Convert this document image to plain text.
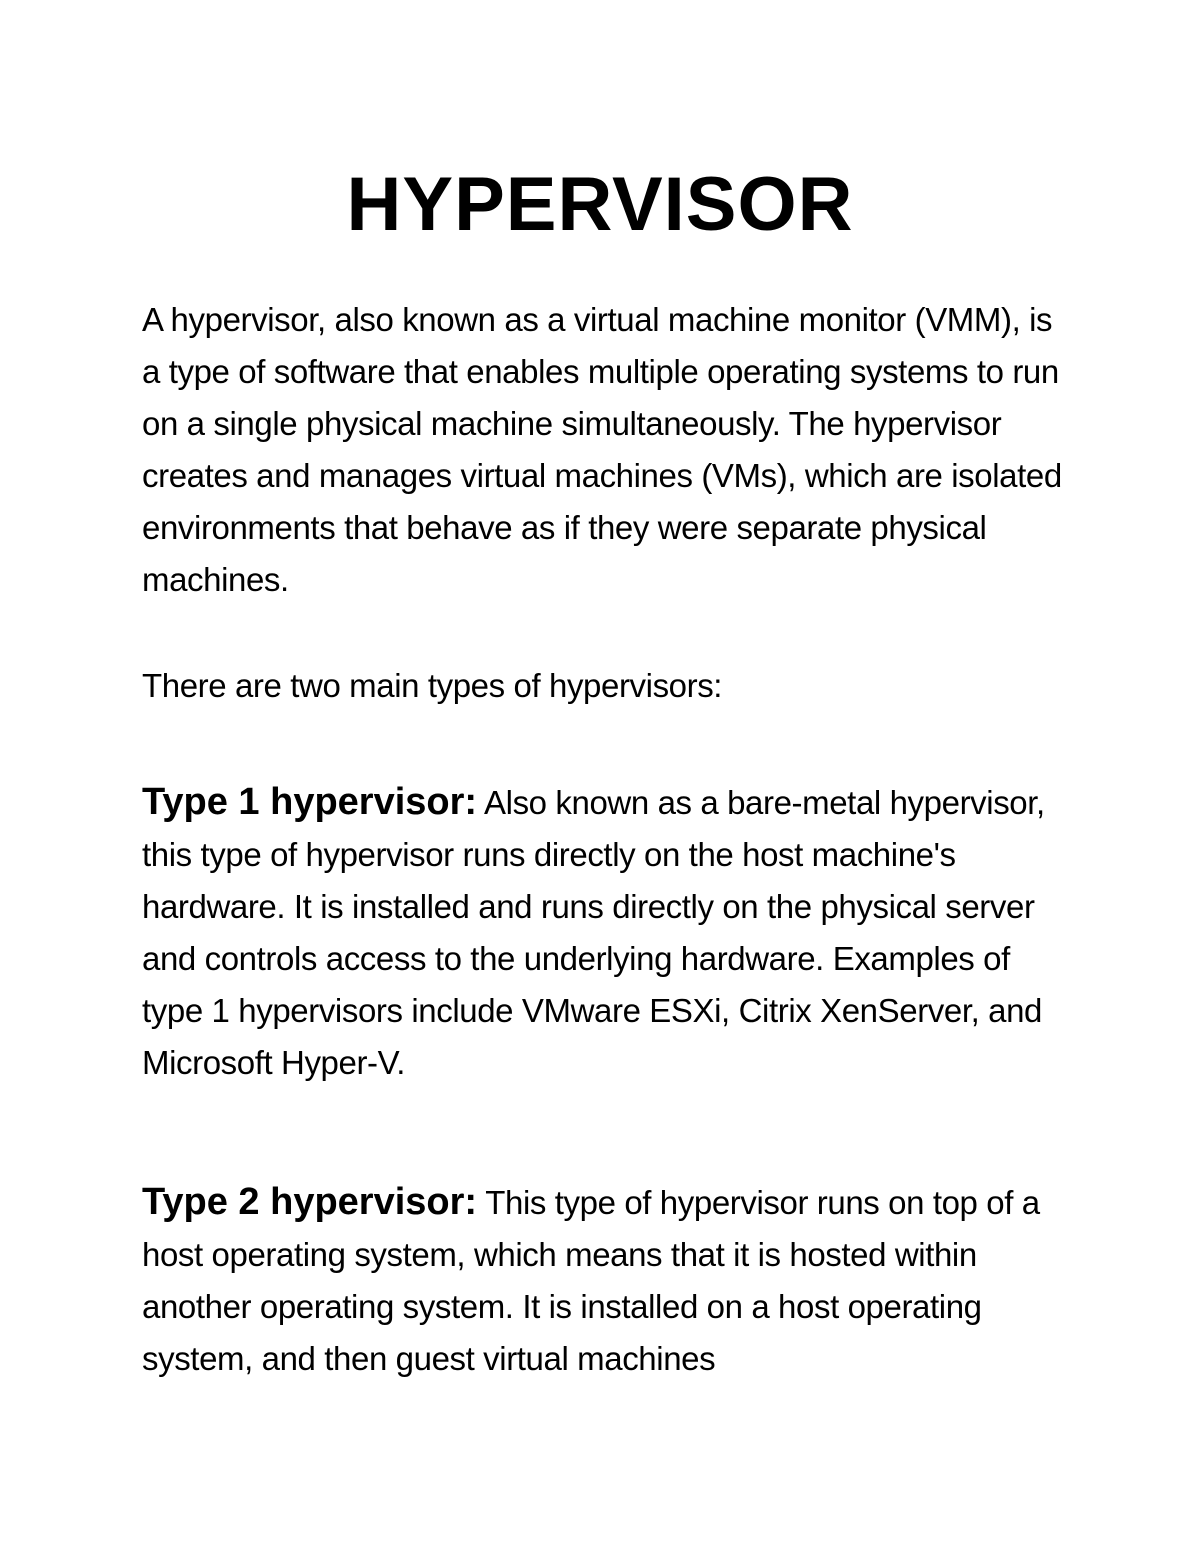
HYPERVISOR

A hypervisor, also known as a virtual machine monitor (VMM), is a type of software that enables multiple operating systems to run on a single physical machine simultaneously. The hypervisor creates and manages virtual machines (VMs), which are isolated environments that behave as if they were separate physical machines.

There are two main types of hypervisors:

Type 1 hypervisor: Also known as a bare-metal hypervisor, this type of hypervisor runs directly on the host machine's hardware. It is installed and runs directly on the physical server and controls access to the underlying hardware. Examples of type 1 hypervisors include VMware ESXi, Citrix XenServer, and Microsoft Hyper-V.

Type 2 hypervisor: This type of hypervisor runs on top of a host operating system, which means that it is hosted within another operating system. It is installed on a host operating system, and then guest virtual machines
